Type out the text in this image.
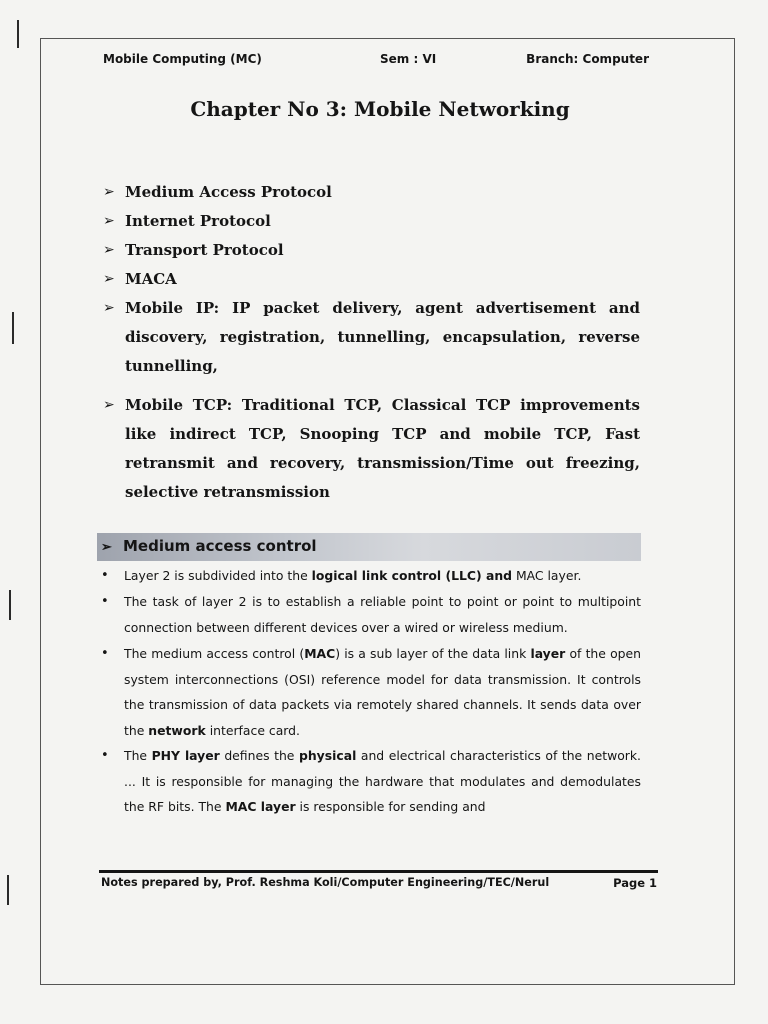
Mobile Computing (MC)	Sem : VI	Branch: Computer
Chapter No 3: Mobile Networking

➢ Medium Access Protocol

➢ Internet Protocol

➢ Transport Protocol

➢ MACA

➢ Mobile IP: IP packet delivery, agent advertisement and discovery, registration, tunnelling, encapsulation, reverse tunnelling,

➢ Mobile TCP: Traditional TCP, Classical TCP improvements like indirect TCP, Snooping TCP and mobile TCP, Fast retransmit and recovery, transmission/Time out freezing, selective retransmission

➢ Medium access control
• Layer 2 is subdivided into the logical link control (LLC) and MAC layer.
• The task of layer 2 is to establish a reliable point to point or point to multipoint connection between different devices over a wired or wireless medium.
• The medium access control (MAC) is a sub layer of the data link layer of the open system interconnections (OSI) reference model for data transmission. It controls the transmission of data packets via remotely shared channels. It sends data over the network interface card.
• The PHY layer defines the physical and electrical characteristics of the network. ... It is responsible for managing the hardware that modulates and demodulates the RF bits. The MAC layer is responsible for sending and
Notes prepared by, Prof. Reshma Koli/Computer Engineering/TEC/Nerul	Page 1
